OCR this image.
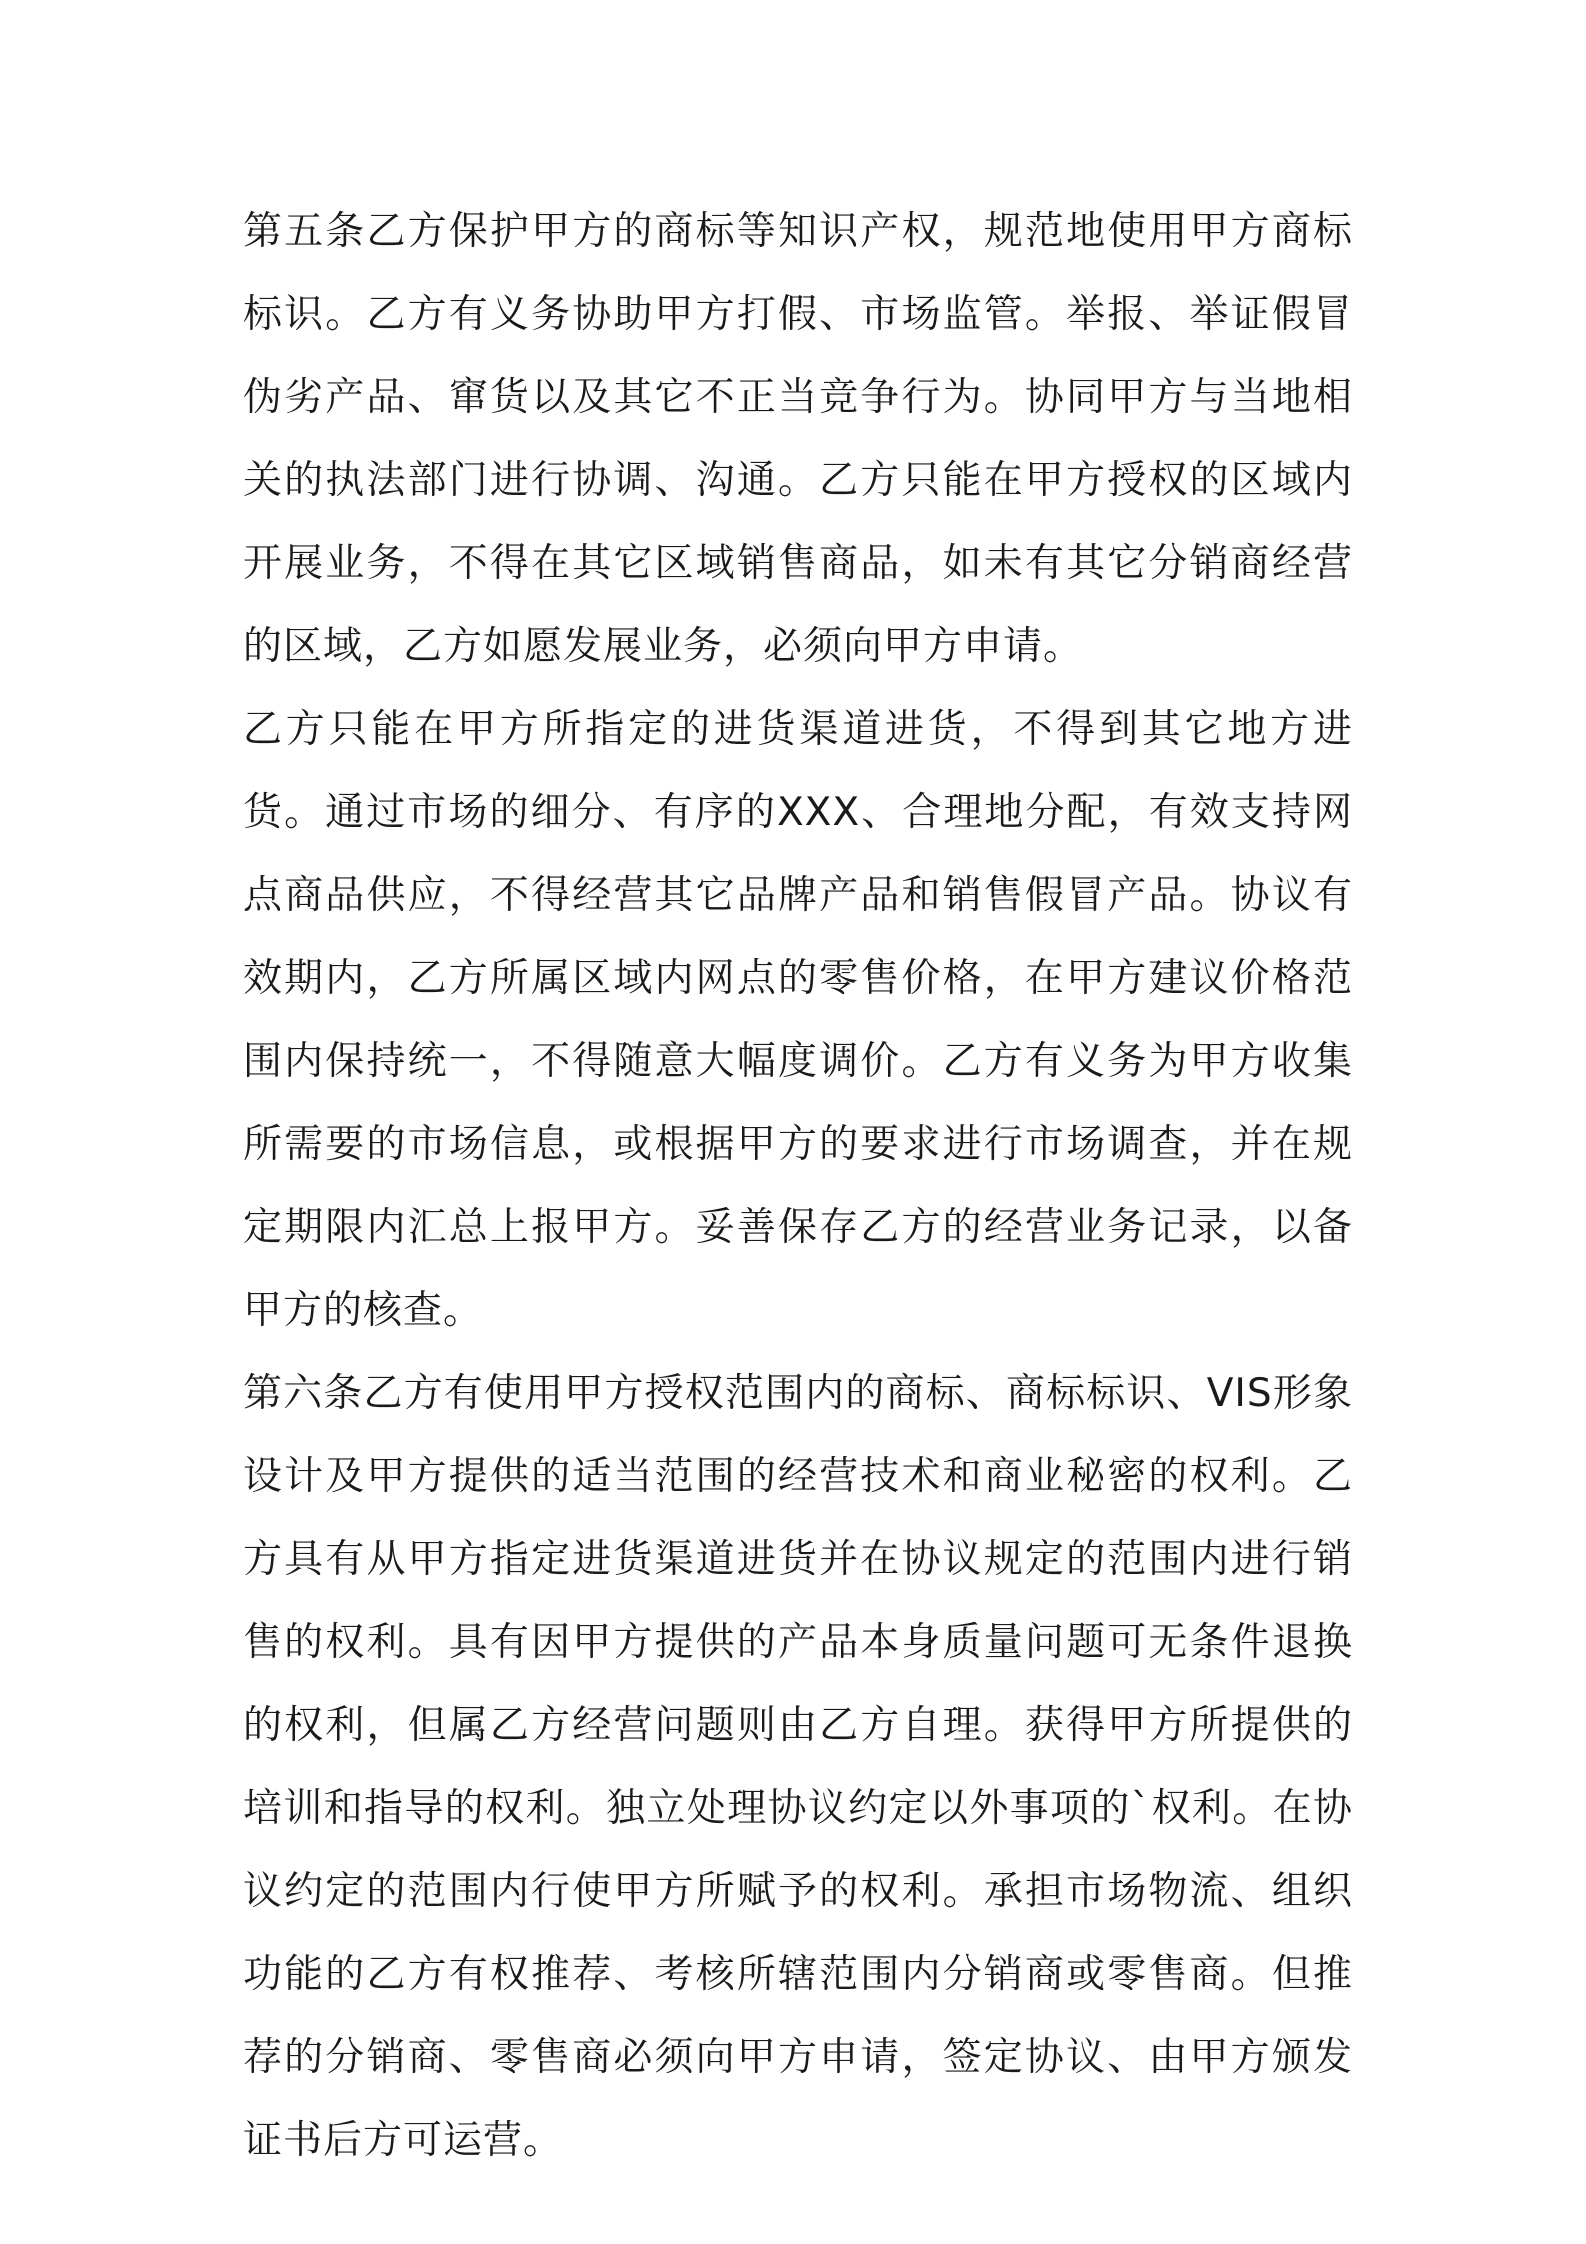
第五条乙方保护甲方的商标等知识产权，规范地使用甲方商标标识。乙方有义务协助甲方打假、市场监管。举报、举证假冒伪劣产品、窜货以及其它不正当竞争行为。协同甲方与当地相关的执法部门进行协调、沟通。乙方只能在甲方授权的区域内开展业务，不得在其它区域销售商品，如未有其它分销商经营的区域，乙方如愿发展业务，必须向甲方申请。

乙方只能在甲方所指定的进货渠道进货，不得到其它地方进货。通过市场的细分、有序的XXX、合理地分配，有效支持网点商品供应，不得经营其它品牌产品和销售假冒产品。协议有效期内，乙方所属区域内网点的零售价格，在甲方建议价格范围内保持统一，不得随意大幅度调价。乙方有义务为甲方收集所需要的市场信息，或根据甲方的要求进行市场调查，并在规定期限内汇总上报甲方。妥善保存乙方的经营业务记录，以备甲方的核查。

第六条乙方有使用甲方授权范围内的商标、商标标识、VIS形象设计及甲方提供的适当范围的经营技术和商业秘密的权利。乙方具有从甲方指定进货渠道进货并在协议规定的范围内进行销售的权利。具有因甲方提供的产品本身质量问题可无条件退换的权利，但属乙方经营问题则由乙方自理。获得甲方所提供的培训和指导的权利。独立处理协议约定以外事项的`权利。在协议约定的范围内行使甲方所赋予的权利。承担市场物流、组织功能的乙方有权推荐、考核所辖范围内分销商或零售商。但推荐的分销商、零售商必须向甲方申请，签定协议、由甲方颁发证书后方可运营。
